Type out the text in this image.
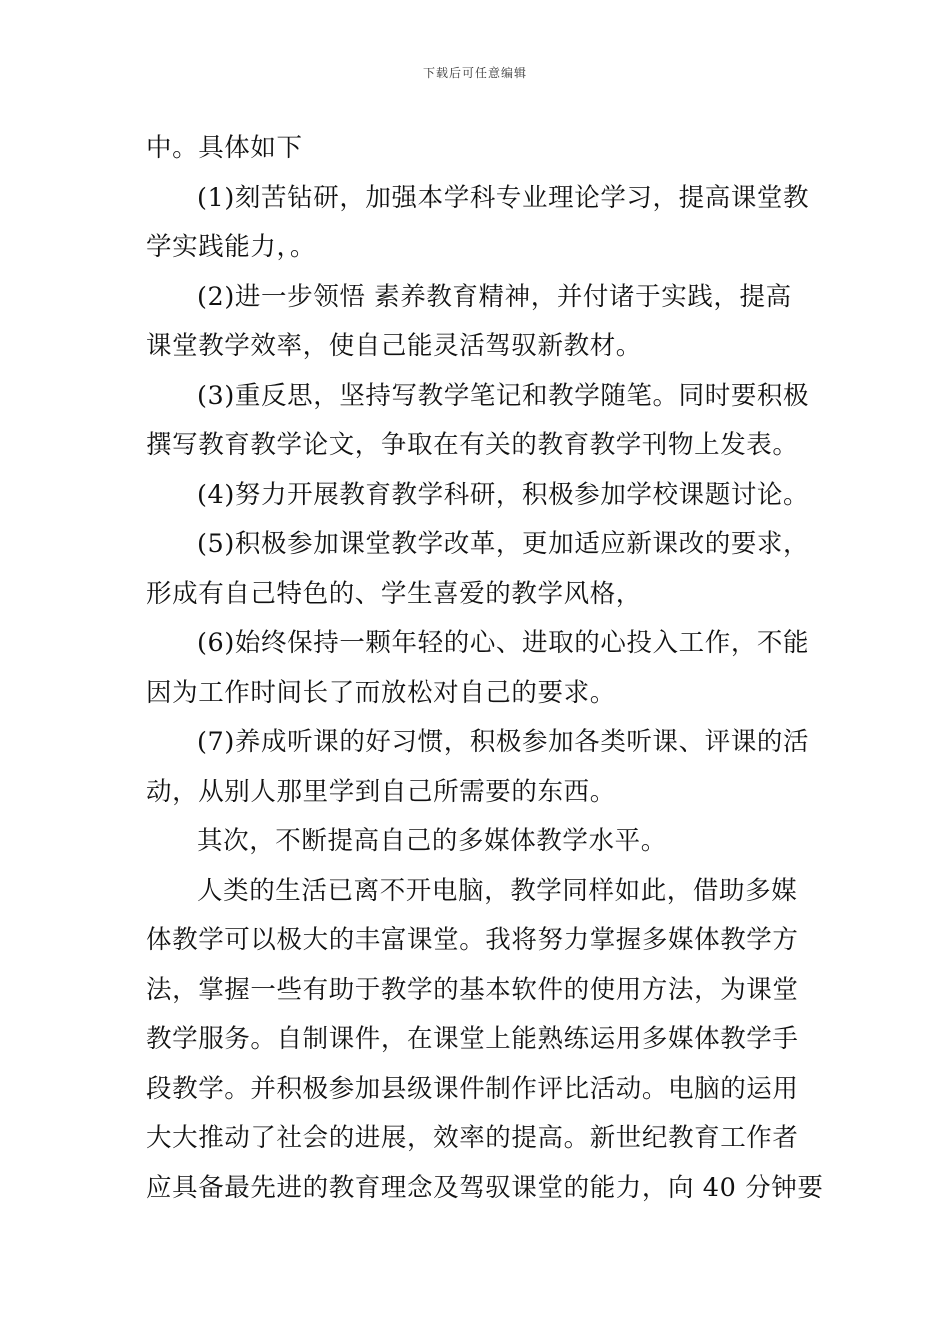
下载后可任意编辑
中。具体如下
(1)刻苦钻研，加强本学科专业理论学习，提高课堂教
学实践能力，。
(2)进一步领悟 素养教育精神，并付诸于实践，提高
课堂教学效率，使自己能灵活驾驭新教材。
(3)重反思，坚持写教学笔记和教学随笔。同时要积极
撰写教育教学论文，争取在有关的教育教学刊物上发表。
(4)努力开展教育教学科研，积极参加学校课题讨论。
(5)积极参加课堂教学改革，更加适应新课改的要求，
形成有自己特色的、学生喜爱的教学风格，
(6)始终保持一颗年轻的心、进取的心投入工作，不能
因为工作时间长了而放松对自己的要求。
(7)养成听课的好习惯，积极参加各类听课、评课的活
动，从别人那里学到自己所需要的东西。
其次，不断提高自己的多媒体教学水平。
人类的生活已离不开电脑，教学同样如此，借助多媒
体教学可以极大的丰富课堂。我将努力掌握多媒体教学方
法，掌握一些有助于教学的基本软件的使用方法，为课堂
教学服务。自制课件，在课堂上能熟练运用多媒体教学手
段教学。并积极参加县级课件制作评比活动。电脑的运用
大大推动了社会的进展，效率的提高。新世纪教育工作者
应具备最先进的教育理念及驾驭课堂的能力，向 40 分钟要
